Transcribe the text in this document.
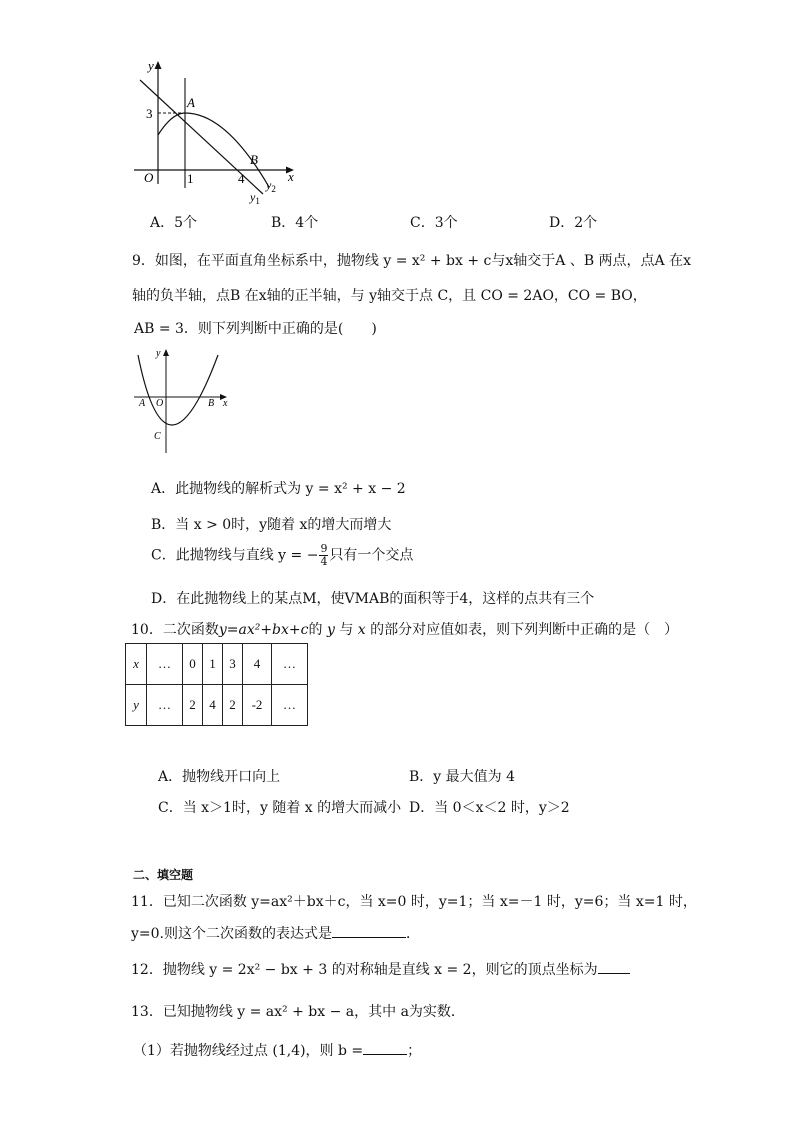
y
3
A
B
O	1	4	x
$y_2$
$y_1$
A．5个	B．4个	C．3个	D．2个
9．如图，在平面直角坐标系中，抛物线 y = x² + bx + c与x轴交于A 、B 两点，点A 在x
轴的负半轴，点B 在x轴的正半轴，与 y轴交于点 C，且 CO = 2AO，CO = BO，
AB = 3．则下列判断中正确的是(　　)
y
A O	B x
C
A．此抛物线的解析式为 y = x² + x − 2
B．当 x > 0时，y随着 x的增大而增大
C．此抛物线与直线 y = − $\frac{9}{4}$ 只有一个交点
D．在此抛物线上的某点M，使VMAB的面积等于4，这样的点共有三个
10．二次函数y=ax²+bx+c的 y 与 x 的部分对应值如表，则下列判断中正确的是（　）
x	…	0	1	3	4	…
y	…	2	4	2	-2	…
A．抛物线开口向上	B．y 最大值为 4
C．当 x＞1时，y 随着 x 的增大而减小 D．当 0＜x＜2 时，y＞2
二、填空题
11．已知二次函数 y=ax²＋bx＋c，当 x=0 时，y=1；当 x=－1 时，y=6；当 x=1 时，
y=0.则这个二次函数的表达式是	．
12．抛物线 y = 2x² − bx + 3 的对称轴是直线 x = 2，则它的顶点坐标为
13．已知抛物线 y = ax² + bx − a，其中 a为实数．
（1）若抛物线经过点 (1,4)，则 b =	；
